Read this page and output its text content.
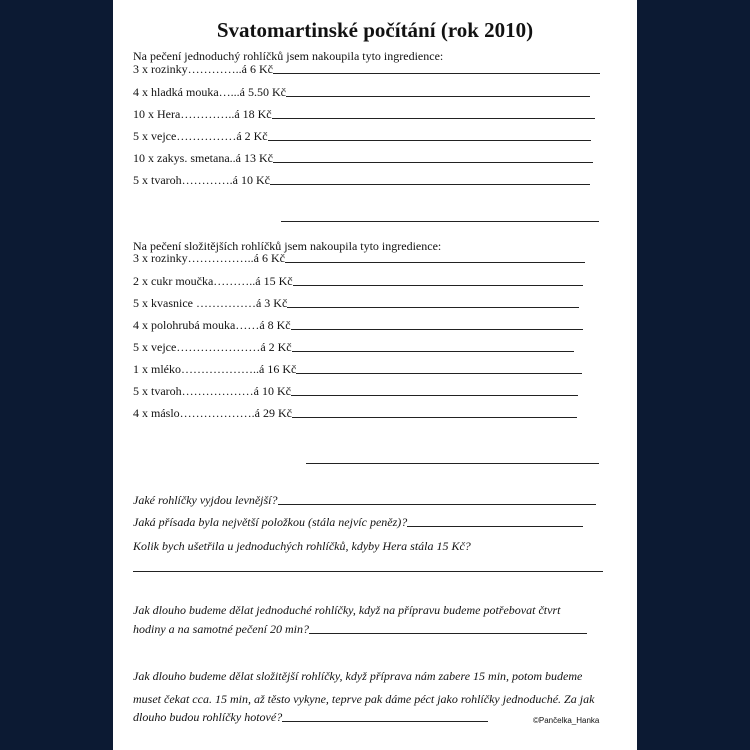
Svatomartinské počítání (rok 2010)
Na pečení jednoduchý rohlíčků jsem nakoupila tyto ingredience:
3 x rozinky…………..á 6 Kč
4 x hladká mouka…...á 5.50 Kč
10 x Hera…………..á 18 Kč
5 x vejce……………á 2 Kč
10 x zakys. smetana..á 13 Kč
5 x tvaroh………….á 10 Kč
Na pečení složitějších rohlíčků jsem nakoupila tyto ingredience:
3 x rozinky……………..á 6 Kč
2 x cukr moučka………..á 15 Kč
5 x kvasnice ……………á 3 Kč
4 x polohrubá mouka……á 8 Kč
5 x vejce…………………á 2 Kč
1 x mléko………………..á 16 Kč
5 x tvaroh………………á 10 Kč
4 x máslo……………….á 29 Kč
Jaké rohlíčky vyjdou levnější?
Jaká přísada byla největší položkou (stála nejvíc peněz)?
Kolik bych ušetřila u jednoduchých rohlíčků, kdyby Hera stála 15 Kč?
Jak dlouho budeme dělat jednoduché rohlíčky, když na přípravu budeme potřebovat čtvrt
hodiny a na samotné pečení 20 min?
Jak dlouho budeme dělat složitější rohlíčky, když příprava nám zabere 15 min, potom budeme
muset čekat cca. 15 min, až těsto vykyne, teprve pak dáme péct jako rohlíčky jednoduché. Za jak
dlouho budou rohlíčky hotové?	©Pančelka_Hanka
